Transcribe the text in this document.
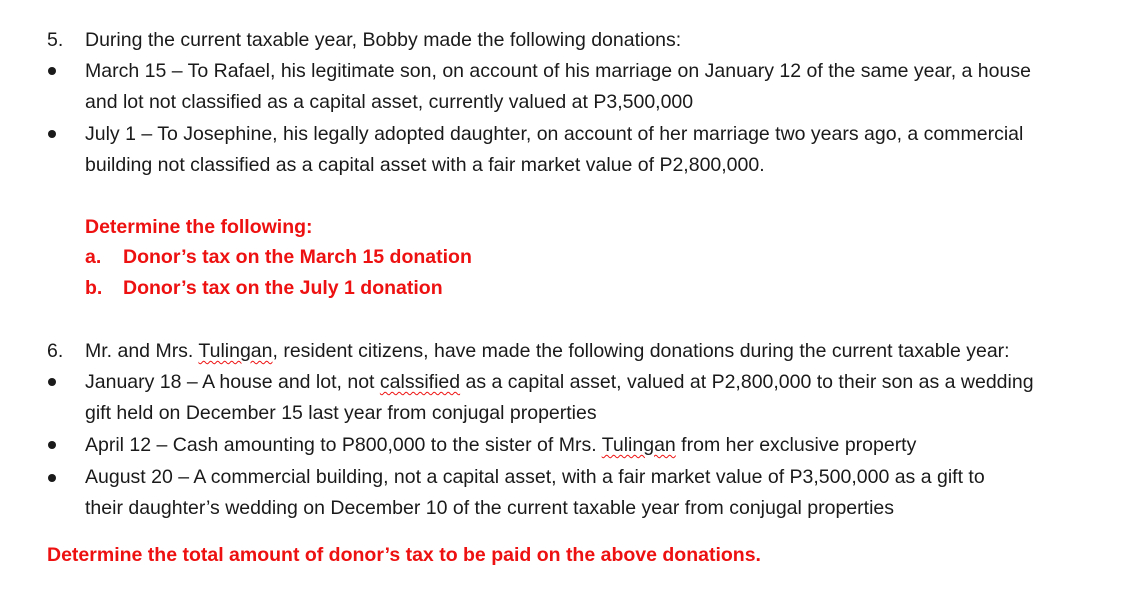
5. During the current taxable year, Bobby made the following donations:
March 15 – To Rafael, his legitimate son, on account of his marriage on January 12 of the same year, a house
and lot not classified as a capital asset, currently valued at P3,500,000
July 1 – To Josephine, his legally adopted daughter, on account of her marriage two years ago, a commercial
building not classified as a capital asset with a fair market value of P2,800,000.
Determine the following:
a. Donor’s tax on the March 15 donation
b. Donor’s tax on the July 1 donation
6. Mr. and Mrs. Tulingan, resident citizens, have made the following donations during the current taxable year:
January 18 – A house and lot, not calssified as a capital asset, valued at P2,800,000 to their son as a wedding
gift held on December 15 last year from conjugal properties
April 12 – Cash amounting to P800,000 to the sister of Mrs. Tulingan from her exclusive property
August 20 – A commercial building, not a capital asset, with a fair market value of P3,500,000 as a gift to
their daughter’s wedding on December 10 of the current taxable year from conjugal properties
Determine the total amount of donor’s tax to be paid on the above donations.
